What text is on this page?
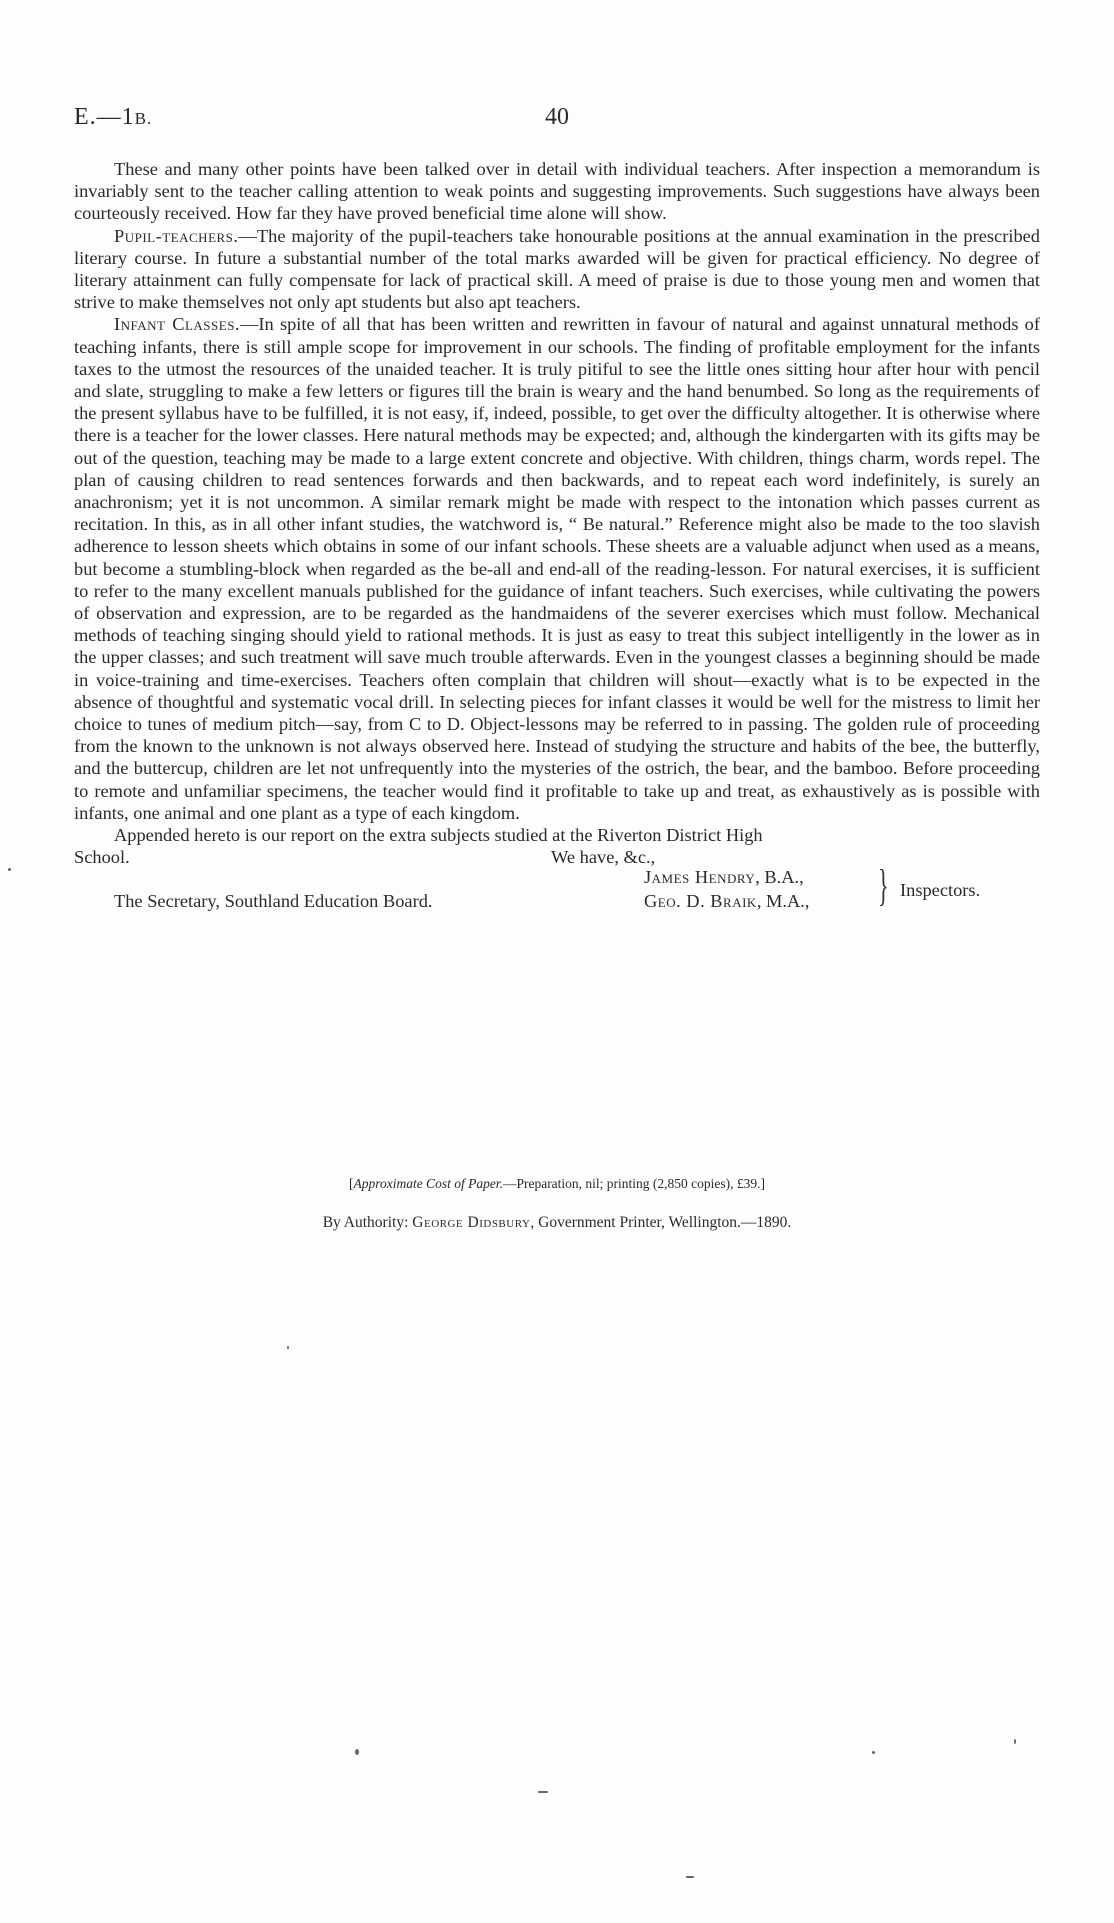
E.—1B.	40

These and many other points have been talked over in detail with individual teachers. After inspection a memorandum is invariably sent to the teacher calling attention to weak points and suggesting improvements. Such suggestions have always been courteously received. How far they have proved beneficial time alone will show.

Pupil-teachers.—The majority of the pupil-teachers take honourable positions at the annual examination in the prescribed literary course. In future a substantial number of the total marks awarded will be given for practical efficiency. No degree of literary attainment can fully compensate for lack of practical skill. A meed of praise is due to those young men and women that strive to make themselves not only apt students but also apt teachers.

Infant Classes.—In spite of all that has been written and rewritten in favour of natural and against unnatural methods of teaching infants, there is still ample scope for improvement in our schools. The finding of profitable employment for the infants taxes to the utmost the resources of the unaided teacher. It is truly pitiful to see the little ones sitting hour after hour with pencil and slate, struggling to make a few letters or figures till the brain is weary and the hand benumbed. So long as the requirements of the present syllabus have to be fulfilled, it is not easy, if, indeed, possible, to get over the difficulty altogether. It is otherwise where there is a teacher for the lower classes. Here natural methods may be expected; and, although the kindergarten with its gifts may be out of the question, teaching may be made to a large extent concrete and objective. With children, things charm, words repel. The plan of causing children to read sentences forwards and then backwards, and to repeat each word indefinitely, is surely an anachronism; yet it is not uncommon. A similar remark might be made with respect to the intonation which passes current as recitation. In this, as in all other infant studies, the watchword is, “ Be natural.” Reference might also be made to the too slavish adherence to lesson sheets which obtains in some of our infant schools. These sheets are a valuable adjunct when used as a means, but become a stumbling-block when regarded as the be-all and end-all of the reading-lesson. For natural exercises, it is sufficient to refer to the many excellent manuals published for the guidance of infant teachers. Such exercises, while cultivating the powers of observation and expression, are to be regarded as the handmaidens of the severer exercises which must follow. Mechanical methods of teaching singing should yield to rational methods. It is just as easy to treat this subject intelligently in the lower as in the upper classes; and such treatment will save much trouble afterwards. Even in the youngest classes a beginning should be made in voice-training and time-exercises. Teachers often complain that children will shout—exactly what is to be expected in the absence of thoughtful and systematic vocal drill. In selecting pieces for infant classes it would be well for the mistress to limit her choice to tunes of medium pitch—say, from C to D. Object-lessons may be referred to in passing. The golden rule of proceeding from the known to the unknown is not always observed here. Instead of studying the structure and habits of the bee, the butterfly, and the buttercup, children are let not unfrequently into the mysteries of the ostrich, the bear, and the bamboo. Before proceeding to remote and unfamiliar specimens, the teacher would find it profitable to take up and treat, as exhaustively as is possible with infants, one animal and one plant as a type of each kingdom.

Appended hereto is our report on the extra subjects studied at the Riverton District High

School.	We have, &c.,
James Hendry, B.A.,
Geo. D. Braik, M.A., } Inspectors.
The Secretary, Southland Education Board.
[Approximate Cost of Paper.—Preparation, nil; printing (2,850 copies), £39.]
By Authority: George Didsbury, Government Printer, Wellington.—1890.
